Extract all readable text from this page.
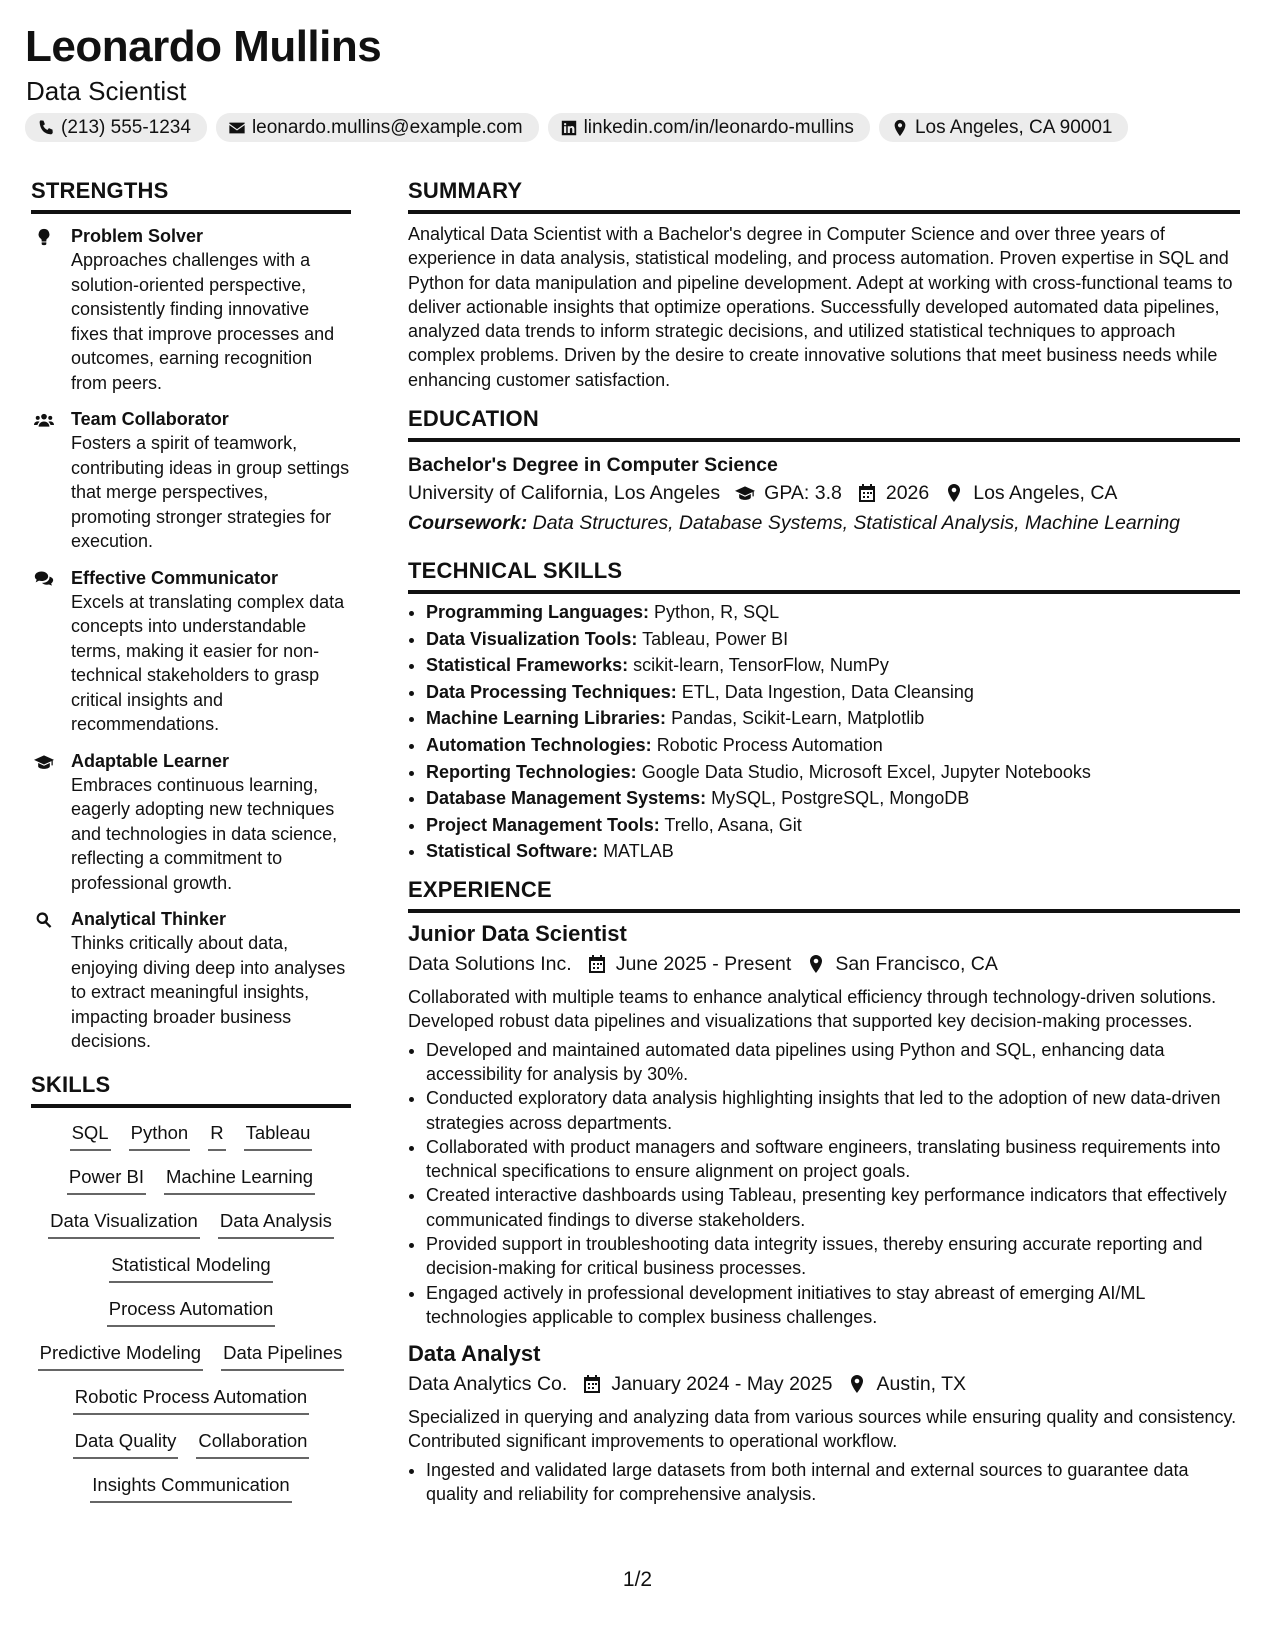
Leonardo Mullins
Data Scientist
(213) 555-1234	leonardo.mullins@example.com	linkedin.com/in/leonardo-mullins	Los Angeles, CA 90001
STRENGTHS
Problem Solver
Approaches challenges with a solution-oriented perspective, consistently finding innovative fixes that improve processes and outcomes, earning recognition from peers.
Team Collaborator
Fosters a spirit of teamwork, contributing ideas in group settings that merge perspectives, promoting stronger strategies for execution.
Effective Communicator
Excels at translating complex data concepts into understandable terms, making it easier for non-technical stakeholders to grasp critical insights and recommendations.
Adaptable Learner
Embraces continuous learning, eagerly adopting new techniques and technologies in data science, reflecting a commitment to professional growth.
Analytical Thinker
Thinks critically about data, enjoying diving deep into analyses to extract meaningful insights, impacting broader business decisions.
SKILLS
SQL Python R Tableau
Power BI Machine Learning
Data Visualization Data Analysis
Statistical Modeling
Process Automation
Predictive Modeling Data Pipelines
Robotic Process Automation
Data Quality Collaboration
Insights Communication
SUMMARY

Analytical Data Scientist with a Bachelor's degree in Computer Science and over three years of experience in data analysis, statistical modeling, and process automation. Proven expertise in SQL and Python for data manipulation and pipeline development. Adept at working with cross-functional teams to deliver actionable insights that optimize operations. Successfully developed automated data pipelines, analyzed data trends to inform strategic decisions, and utilized statistical techniques to approach complex problems. Driven by the desire to create innovative solutions that meet business needs while enhancing customer satisfaction.

EDUCATION
Bachelor's Degree in Computer Science
University of California, Los Angeles GPA: 3.8 2026 Los Angeles, CA
Coursework: Data Structures, Database Systems, Statistical Analysis, Machine Learning
TECHNICAL SKILLS
• Programming Languages: Python, R, SQL
• Data Visualization Tools: Tableau, Power BI
• Statistical Frameworks: scikit-learn, TensorFlow, NumPy
• Data Processing Techniques: ETL, Data Ingestion, Data Cleansing
• Machine Learning Libraries: Pandas, Scikit-Learn, Matplotlib
• Automation Technologies: Robotic Process Automation
• Reporting Technologies: Google Data Studio, Microsoft Excel, Jupyter Notebooks
• Database Management Systems: MySQL, PostgreSQL, MongoDB
• Project Management Tools: Trello, Asana, Git
• Statistical Software: MATLAB
EXPERIENCE
Junior Data Scientist
Data Solutions Inc. June 2025 - Present San Francisco, CA

Collaborated with multiple teams to enhance analytical efficiency through technology-driven solutions. Developed robust data pipelines and visualizations that supported key decision-making processes.

• Developed and maintained automated data pipelines using Python and SQL, enhancing data accessibility for analysis by 30%.
• Conducted exploratory data analysis highlighting insights that led to the adoption of new data-driven strategies across departments.
• Collaborated with product managers and software engineers, translating business requirements into technical specifications to ensure alignment on project goals.
• Created interactive dashboards using Tableau, presenting key performance indicators that effectively communicated findings to diverse stakeholders.
• Provided support in troubleshooting data integrity issues, thereby ensuring accurate reporting and decision-making for critical business processes.
• Engaged actively in professional development initiatives to stay abreast of emerging AI/ML technologies applicable to complex business challenges.
Data Analyst
Data Analytics Co. January 2024 - May 2025 Austin, TX

Specialized in querying and analyzing data from various sources while ensuring quality and consistency. Contributed significant improvements to operational workflow.

• Ingested and validated large datasets from both internal and external sources to guarantee data quality and reliability for comprehensive analysis.
1/2
